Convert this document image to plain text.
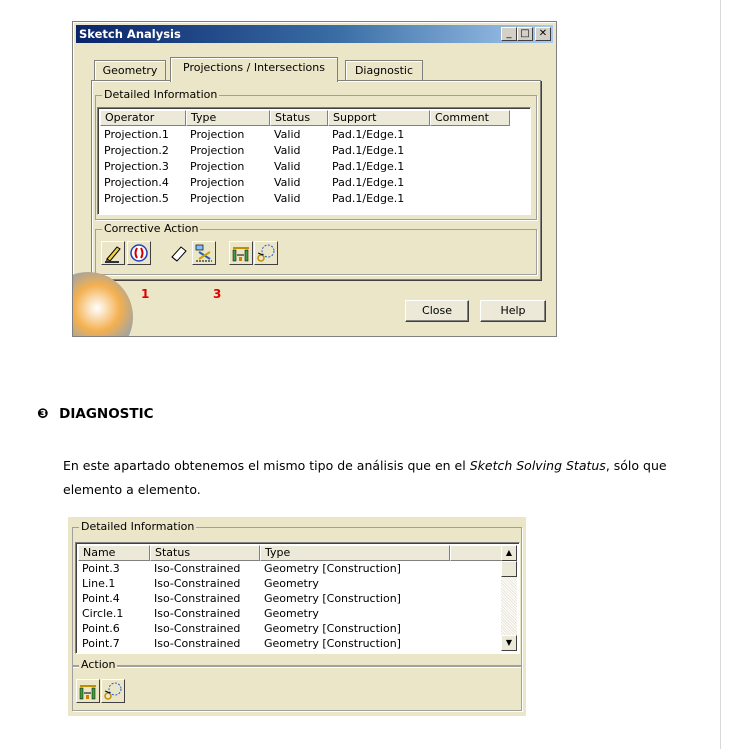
Sketch Analysis	_ □ ✕
Geometry	Projections / Intersections	Diagnostic
Detailed Information
Operator	Type	Status	Support	Comment
Projection.1	Projection	Valid	Pad.1/Edge.1
Projection.2	Projection	Valid	Pad.1/Edge.1
Projection.3	Projection	Valid	Pad.1/Edge.1
Projection.4	Projection	Valid	Pad.1/Edge.1
Projection.5	Projection	Valid	Pad.1/Edge.1
Corrective Action
1	3
Close	Help
❸ DIAGNOSTIC
En este apartado obtenemos el mismo tipo de análisis que en el Sketch Solving Status, sólo que elemento a elemento.
Detailed Information
Name	Status	Type
Point.3	Iso-Constrained	Geometry [Construction]
Line.1	Iso-Constrained	Geometry
Point.4	Iso-Constrained	Geometry [Construction]
Circle.1	Iso-Constrained	Geometry
Point.6	Iso-Constrained	Geometry [Construction]
Point.7	Iso-Constrained	Geometry [Construction]
▲
▼
Action
